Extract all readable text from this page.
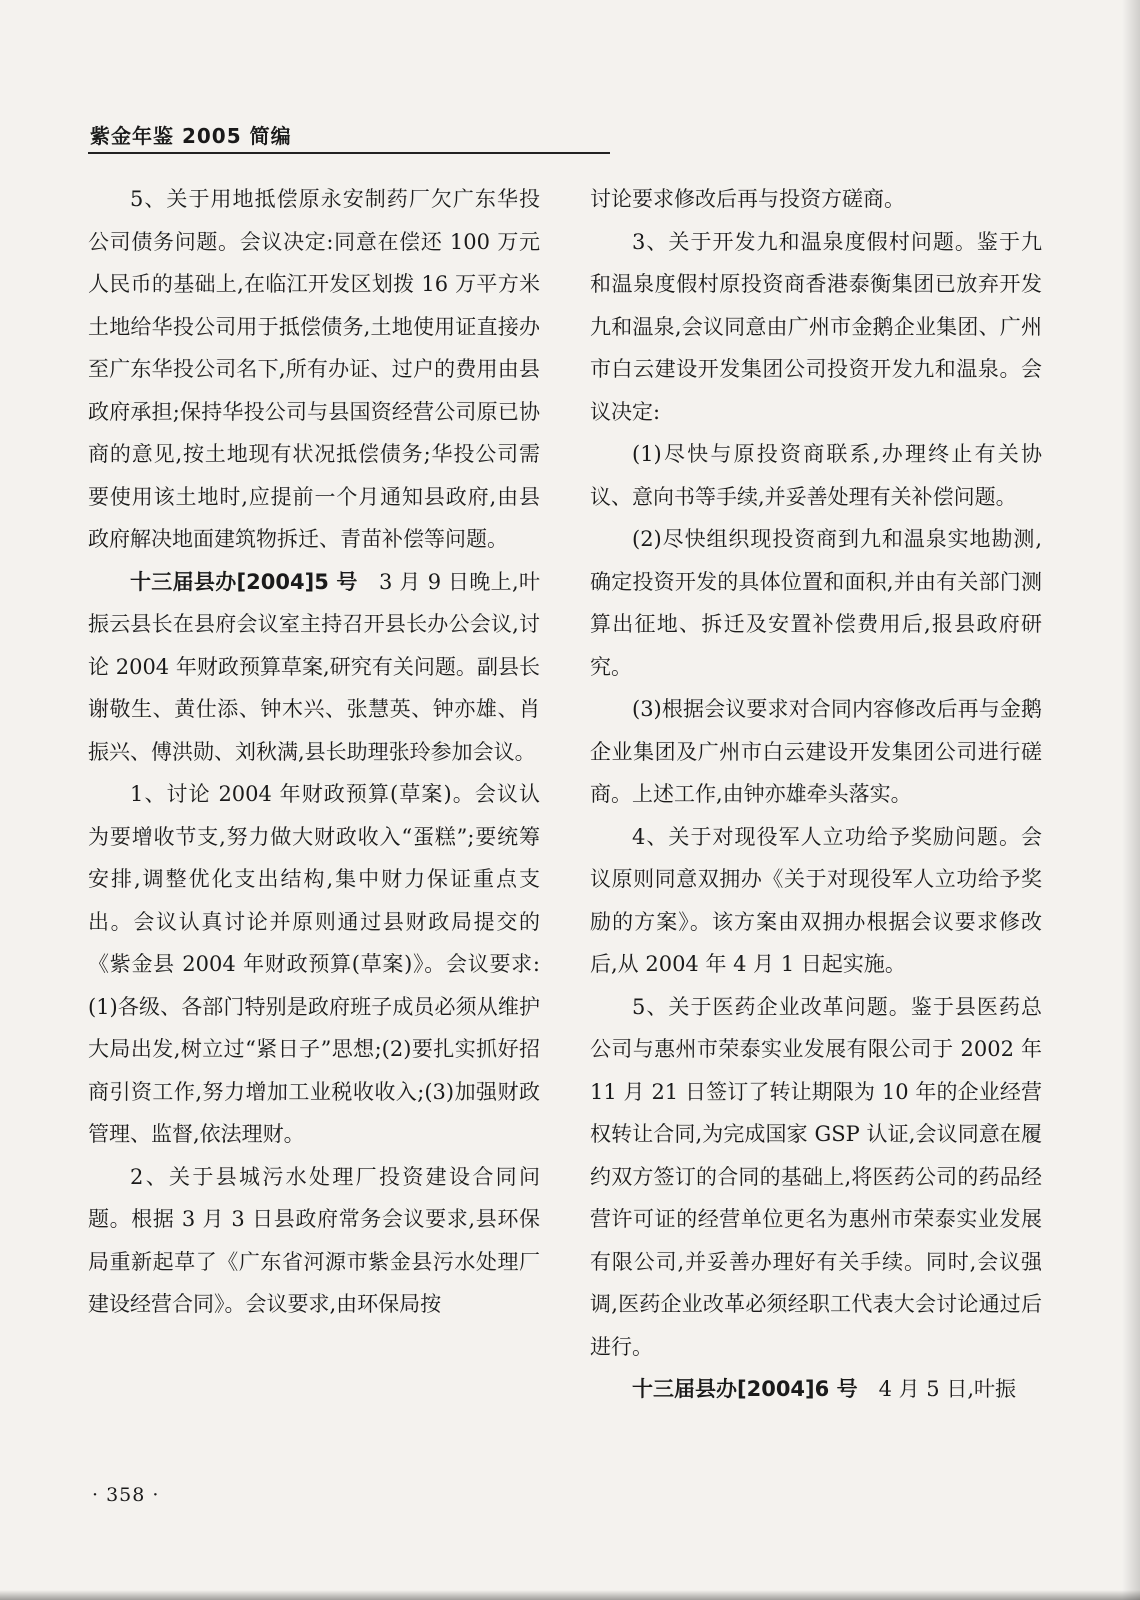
紫金年鉴 2005 简编

5、关于用地抵偿原永安制药厂欠广东华投公司债务问题。会议决定:同意在偿还 100 万元人民币的基础上,在临江开发区划拨 16 万平方米土地给华投公司用于抵偿债务,土地使用证直接办至广东华投公司名下,所有办证、过户的费用由县政府承担;保持华投公司与县国资经营公司原已协商的意见,按土地现有状况抵偿债务;华投公司需要使用该土地时,应提前一个月通知县政府,由县政府解决地面建筑物拆迁、青苗补偿等问题。

十三届县办[2004]5 号　3 月 9 日晚上,叶振云县长在县府会议室主持召开县长办公会议,讨论 2004 年财政预算草案,研究有关问题。副县长谢敬生、黄仕添、钟木兴、张慧英、钟亦雄、肖振兴、傅洪勋、刘秋满,县长助理张玲参加会议。

1、讨论 2004 年财政预算(草案)。会议认为要增收节支,努力做大财政收入“蛋糕”;要统筹安排,调整优化支出结构,集中财力保证重点支出。会议认真讨论并原则通过县财政局提交的《紫金县 2004 年财政预算(草案)》。会议要求:(1)各级、各部门特别是政府班子成员必须从维护大局出发,树立过“紧日子”思想;(2)要扎实抓好招商引资工作,努力增加工业税收收入;(3)加强财政管理、监督,依法理财。

2、关于县城污水处理厂投资建设合同问题。根据 3 月 3 日县政府常务会议要求,县环保局重新起草了《广东省河源市紫金县污水处理厂建设经营合同》。会议要求,由环保局按

讨论要求修改后再与投资方磋商。

3、关于开发九和温泉度假村问题。鉴于九和温泉度假村原投资商香港泰衡集团已放弃开发九和温泉,会议同意由广州市金鹅企业集团、广州市白云建设开发集团公司投资开发九和温泉。会议决定:

(1)尽快与原投资商联系,办理终止有关协议、意向书等手续,并妥善处理有关补偿问题。

(2)尽快组织现投资商到九和温泉实地勘测,确定投资开发的具体位置和面积,并由有关部门测算出征地、拆迁及安置补偿费用后,报县政府研究。

(3)根据会议要求对合同内容修改后再与金鹅企业集团及广州市白云建设开发集团公司进行磋商。上述工作,由钟亦雄牵头落实。

4、关于对现役军人立功给予奖励问题。会议原则同意双拥办《关于对现役军人立功给予奖励的方案》。该方案由双拥办根据会议要求修改后,从 2004 年 4 月 1 日起实施。

5、关于医药企业改革问题。鉴于县医药总公司与惠州市荣泰实业发展有限公司于 2002 年 11 月 21 日签订了转让期限为 10 年的企业经营权转让合同,为完成国家 GSP 认证,会议同意在履约双方签订的合同的基础上,将医药公司的药品经营许可证的经营单位更名为惠州市荣泰实业发展有限公司,并妥善办理好有关手续。同时,会议强调,医药企业改革必须经职工代表大会讨论通过后进行。

十三届县办[2004]6 号　4 月 5 日,叶振

· 358 ·
